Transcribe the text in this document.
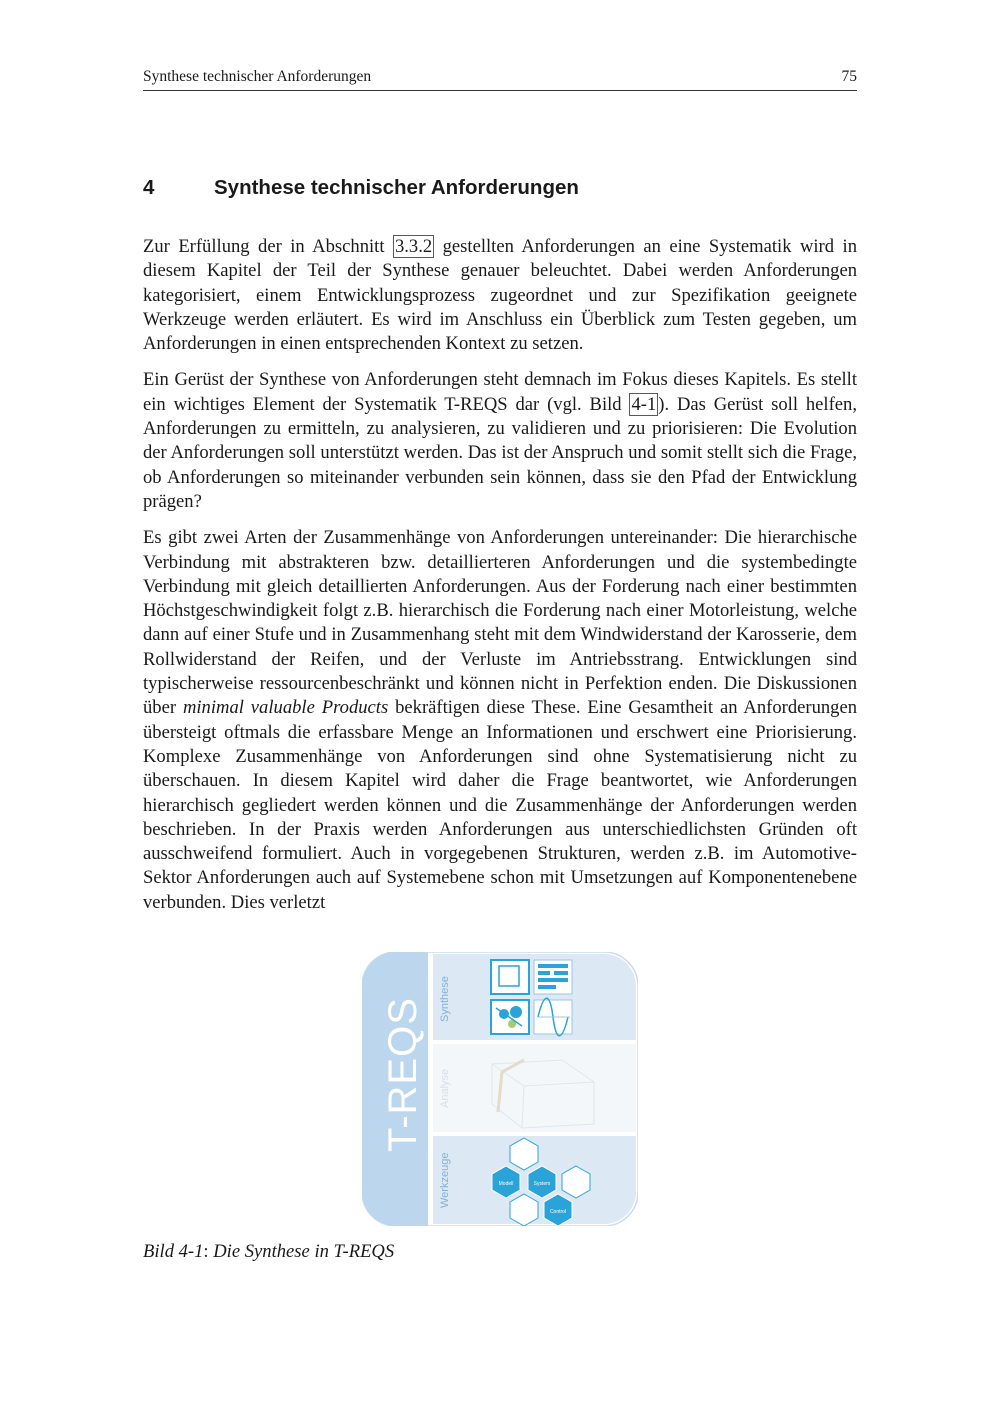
Synthese technischer Anforderungen	75
4	Synthese technischer Anforderungen

Zur Erfüllung der in Abschnitt 3.3.2 gestellten Anforderungen an eine Systematik wird in diesem Kapitel der Teil der Synthese genauer beleuchtet. Dabei werden Anforderungen kategorisiert, einem Entwicklungsprozess zugeordnet und zur Spezifikation geeignete Werkzeuge werden erläutert. Es wird im Anschluss ein Überblick zum Testen gegeben, um Anforderungen in einen entsprechenden Kontext zu setzen.

Ein Gerüst der Synthese von Anforderungen steht demnach im Fokus dieses Kapitels. Es stellt ein wichtiges Element der Systematik T-REQS dar (vgl. Bild 4-1 ). Das Gerüst soll helfen, Anforderungen zu ermitteln, zu analysieren, zu validieren und zu priorisieren: Die Evolution der Anforderungen soll unterstützt werden. Das ist der Anspruch und somit stellt sich die Frage, ob Anforderungen so miteinander verbunden sein können, dass sie den Pfad der Entwicklung prägen?

Es gibt zwei Arten der Zusammenhänge von Anforderungen untereinander: Die hierarchische Verbindung mit abstrakteren bzw. detaillierteren Anforderungen und die systembedingte Verbindung mit gleich detaillierten Anforderungen. Aus der Forderung nach einer bestimmten Höchstgeschwindigkeit folgt z.B. hierarchisch die Forderung nach einer Motorleistung, welche dann auf einer Stufe und in Zusammenhang steht mit dem Windwiderstand der Karosserie, dem Rollwiderstand der Reifen, und der Verluste im Antriebsstrang. Entwicklungen sind typischerweise ressourcenbeschränkt und können nicht in Perfektion enden. Die Diskussionen über minimal valuable Products bekräftigen diese These. Eine Gesamtheit an Anforderungen übersteigt oftmals die erfassbare Menge an Informationen und erschwert eine Priorisierung. Komplexe Zusammenhänge von Anforderungen sind ohne Systematisierung nicht zu überschauen. In diesem Kapitel wird daher die Frage beantwortet, wie Anforderungen hierarchisch gegliedert werden können und die Zusammenhänge der Anforderungen werden beschrieben. In der Praxis werden Anforderungen aus unterschiedlichsten Gründen oft ausschweifend formuliert. Auch in vorgegebenen Strukturen, werden z.B. im Automotive-Sektor Anforderungen auch auf Systemebene schon mit Umsetzungen auf Komponentenebene verbunden. Dies verletzt

T-REQS Synthese
Analyse
Werkzeuge	Modell	System
Control
Bild 4-1: Die Synthese in T-REQS
